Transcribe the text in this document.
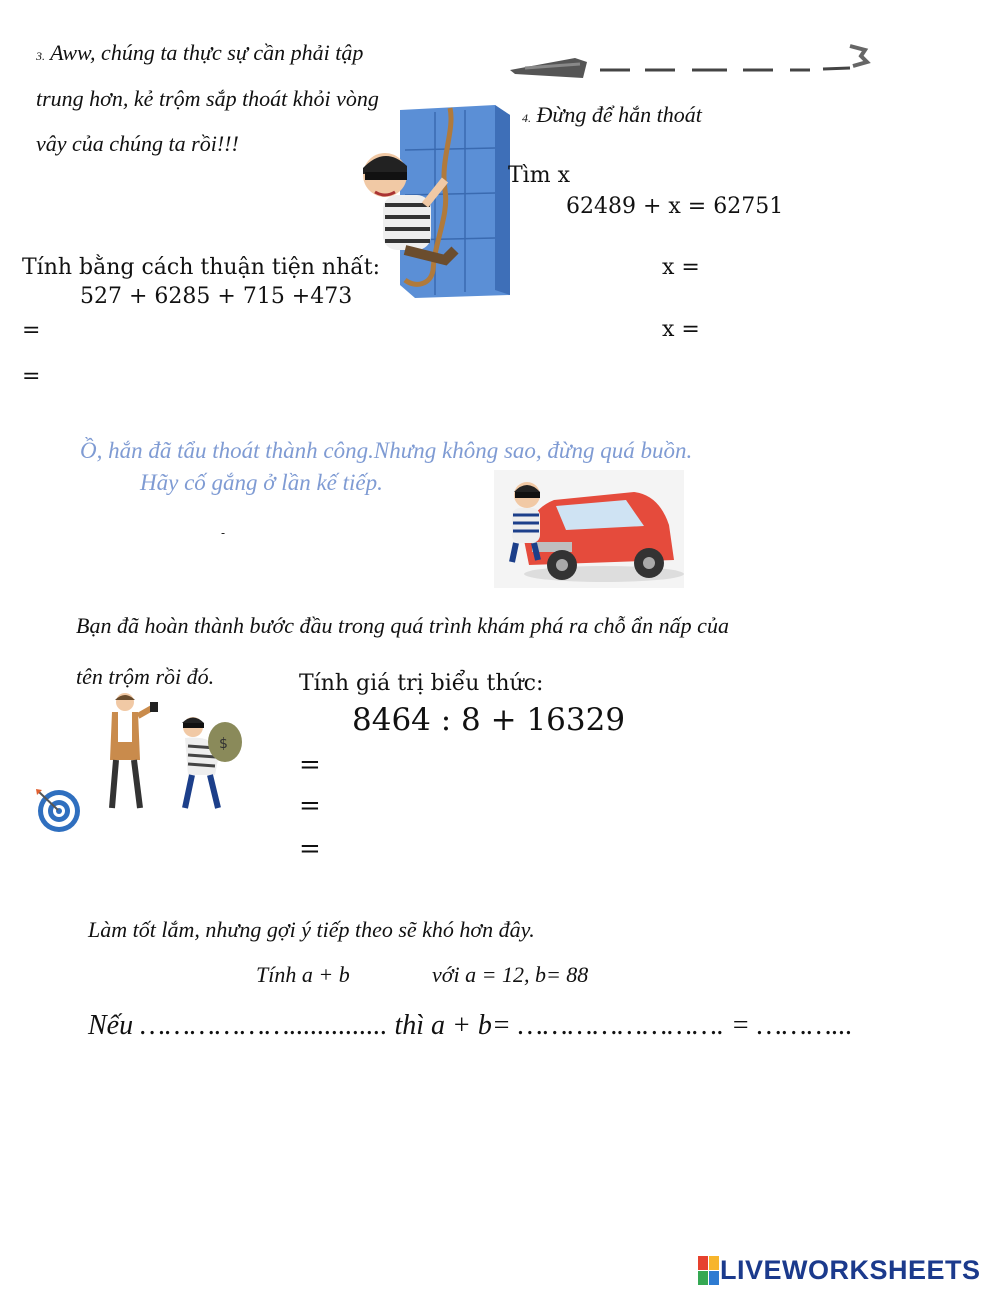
3. Aww, chúng ta thực sự cần phải tập
trung hơn, kẻ trộm sắp thoát khỏi vòng
vây của chúng ta rồi!!!
4. Đừng để hắn thoát
Tìm x
62489 + x = 62751
x =
x =
Tính bằng cách thuận tiện nhất:
527 + 6285 + 715 +473
=
=
Ồ, hắn đã tẩu thoát thành công.Nhưng không sao, đừng quá buồn.
Hãy cố gắng ở lần kế tiếp.
-
Bạn đã hoàn thành bước đầu trong quá trình khám phá ra chỗ ẩn nấp của
tên trộm rồi đó.
$
Tính giá trị biểu thức:
8464 : 8 + 16329
=
=
=
Làm tốt lắm, nhưng gợi ý tiếp theo sẽ khó hơn đây.
Tính a + b	với a = 12, b= 88
Nếu ……………….............. thì a + b= ……………………. = ………...
LIVEWORKSHEETS
